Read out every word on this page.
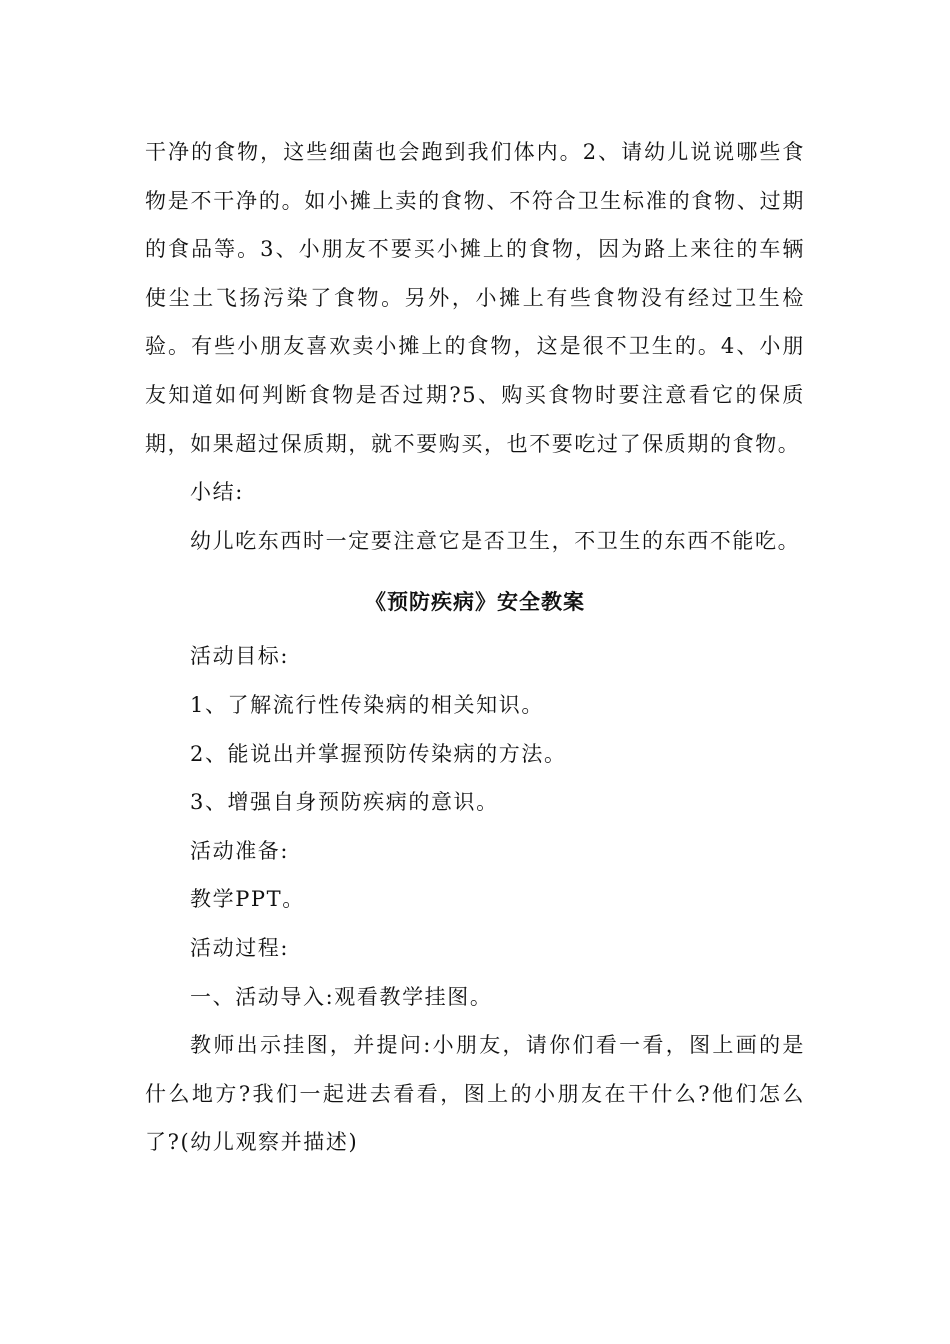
干净的食物，这些细菌也会跑到我们体内。2、请幼儿说说哪些食物是不干净的。如小摊上卖的食物、不符合卫生标准的食物、过期的食品等。3、小朋友不要买小摊上的食物，因为路上来往的车辆使尘土飞扬污染了食物。另外，小摊上有些食物没有经过卫生检验。有些小朋友喜欢卖小摊上的食物，这是很不卫生的。4、小朋友知道如何判断食物是否过期?5、购买食物时要注意看它的保质期，如果超过保质期，就不要购买，也不要吃过了保质期的食物。

小结:

幼儿吃东西时一定要注意它是否卫生，不卫生的东西不能吃。

《预防疾病》安全教案

活动目标:

1、了解流行性传染病的相关知识。

2、能说出并掌握预防传染病的方法。

3、增强自身预防疾病的意识。

活动准备:

教学PPT。

活动过程:

一、活动导入:观看教学挂图。

教师出示挂图，并提问:小朋友，请你们看一看，图上画的是什么地方?我们一起进去看看，图上的小朋友在干什么?他们怎么了?(幼儿观察并描述)
